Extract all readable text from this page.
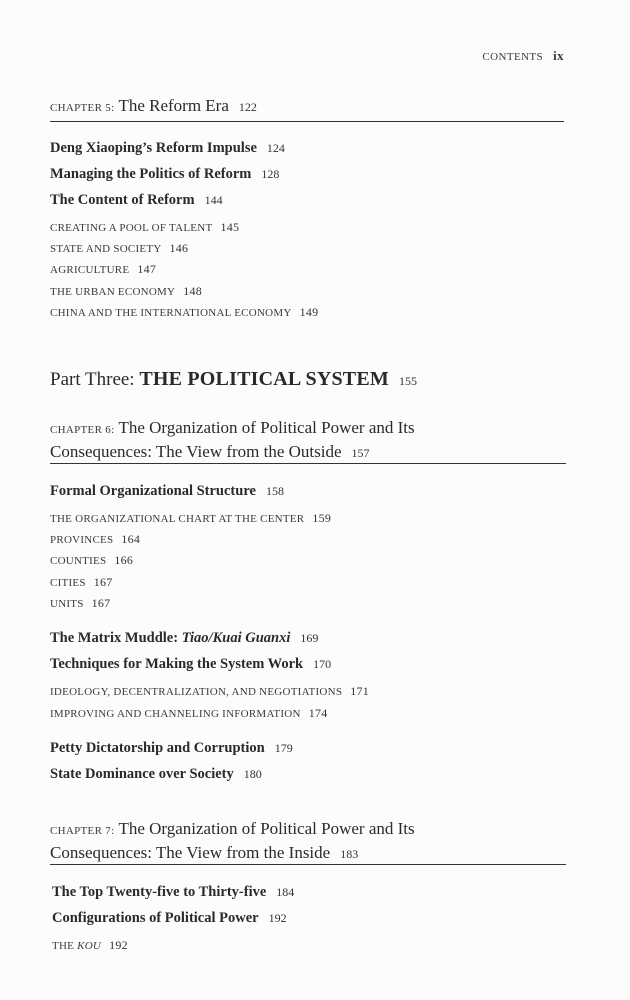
CONTENTS ix
CHAPTER 5: The Reform Era 122
Deng Xiaoping’s Reform Impulse 124
Managing the Politics of Reform 128
The Content of Reform 144
CREATING A POOL OF TALENT 145
STATE AND SOCIETY 146
AGRICULTURE 147
THE URBAN ECONOMY 148
CHINA AND THE INTERNATIONAL ECONOMY 149
Part Three: THE POLITICAL SYSTEM 155
CHAPTER 6: The Organization of Political Power and Its
Consequences: The View from the Outside 157
Formal Organizational Structure 158
THE ORGANIZATIONAL CHART AT THE CENTER 159
PROVINCES 164
COUNTIES 166
CITIES 167
UNITS 167
The Matrix Muddle: Tiao/Kuai Guanxi 169
Techniques for Making the System Work 170
IDEOLOGY, DECENTRALIZATION, AND NEGOTIATIONS 171
IMPROVING AND CHANNELING INFORMATION 174
Petty Dictatorship and Corruption 179
State Dominance over Society 180
CHAPTER 7: The Organization of Political Power and Its
Consequences: The View from the Inside 183
The Top Twenty-five to Thirty-five 184
Configurations of Political Power 192
THE KOU 192
